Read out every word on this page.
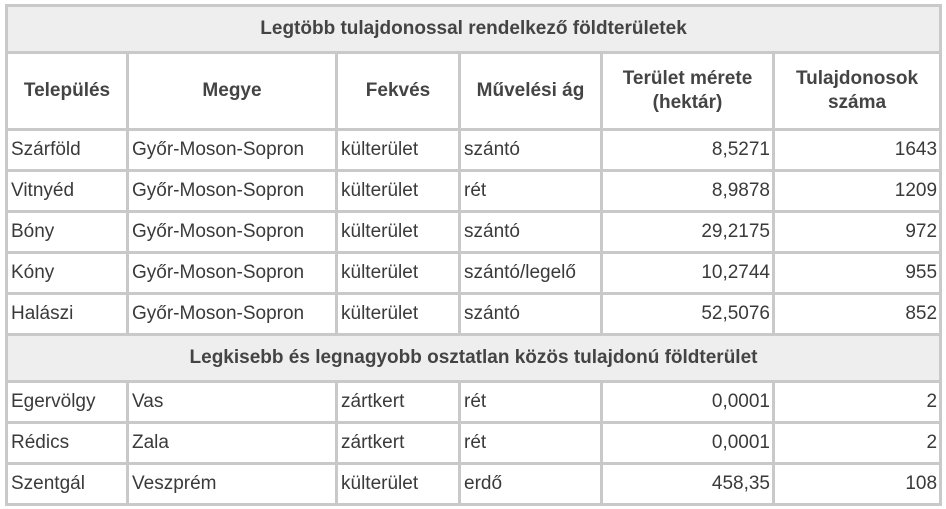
Legtöbb tulajdonossal rendelkező földterületek					
Település	Megye	Fekvés	Művelési ág	Terület mérete (hektár)	Tulajdonosok száma
Szárföld	Győr-Moson-Sopron	külterület	szántó	8,5271	1643
Vitnyéd	Győr-Moson-Sopron	külterület	rét	8,9878	1209
Bóny	Győr-Moson-Sopron	külterület	szántó	29,2175	972
Kóny	Győr-Moson-Sopron	külterület	szántó/legelő	10,2744	955
Halászi	Győr-Moson-Sopron	külterület	szántó	52,5076	852
Legkisebb és legnagyobb osztatlan közös tulajdonú földterület					
Egervölgy	Vas	zártkert	rét	0,0001	2
Rédics	Zala	zártkert	rét	0,0001	2
Szentgál	Veszprém	külterület	erdő	458,35	108
